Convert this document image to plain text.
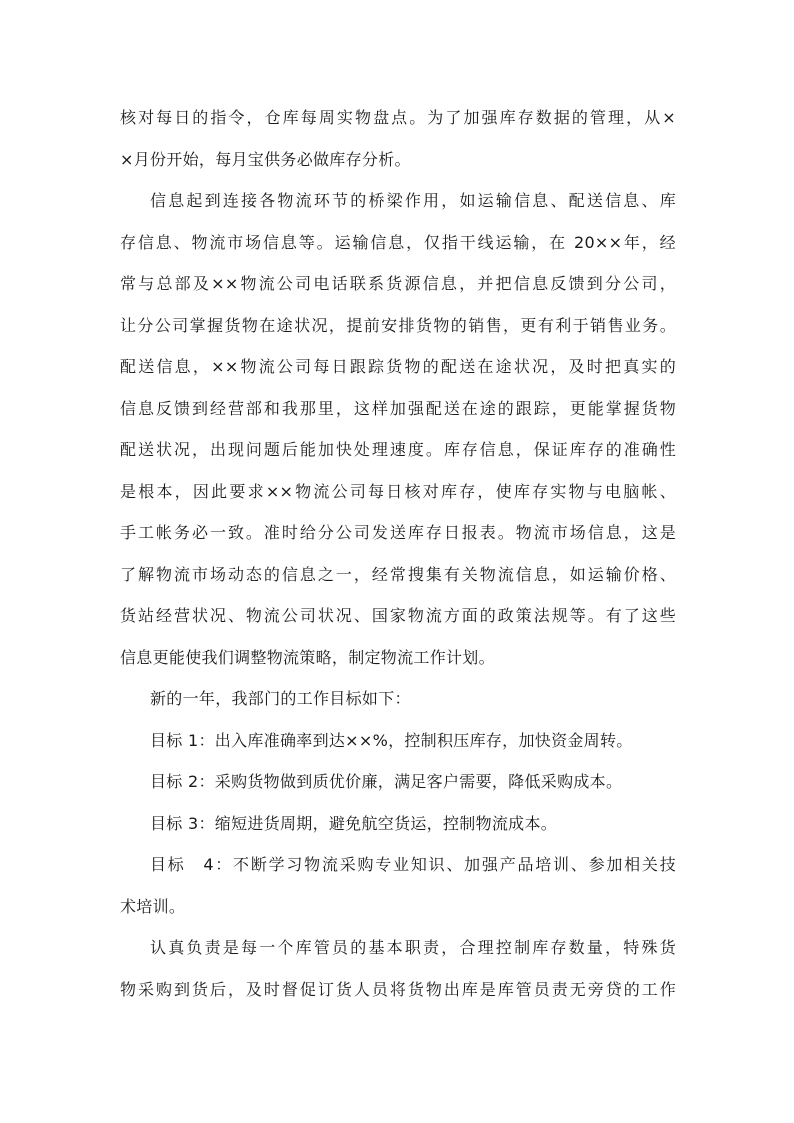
核对每日的指令，仓库每周实物盘点。为了加强库存数据的管理，从×
×月份开始，每月宝供务必做库存分析。
信息起到连接各物流环节的桥梁作用，如运输信息、配送信息、库
存信息、物流市场信息等。运输信息，仅指干线运输，在 20××年，经
常与总部及××物流公司电话联系货源信息，并把信息反馈到分公司，
让分公司掌握货物在途状况，提前安排货物的销售，更有利于销售业务。
配送信息，××物流公司每日跟踪货物的配送在途状况，及时把真实的
信息反馈到经营部和我那里，这样加强配送在途的跟踪，更能掌握货物
配送状况，出现问题后能加快处理速度。库存信息，保证库存的准确性
是根本，因此要求××物流公司每日核对库存，使库存实物与电脑帐、
手工帐务必一致。准时给分公司发送库存日报表。物流市场信息，这是
了解物流市场动态的信息之一，经常搜集有关物流信息，如运输价格、
货站经营状况、物流公司状况、国家物流方面的政策法规等。有了这些
信息更能使我们调整物流策略，制定物流工作计划。
新的一年，我部门的工作目标如下：
目标 1：出入库准确率到达××%，控制积压库存，加快资金周转。
目标 2：采购货物做到质优价廉，满足客户需要，降低采购成本。
目标 3：缩短进货周期，避免航空货运，控制物流成本。
目标　4：不断学习物流采购专业知识、加强产品培训、参加相关技
术培训。
认真负责是每一个库管员的基本职责，合理控制库存数量，特殊货
物采购到货后，及时督促订货人员将货物出库是库管员责无旁贷的工作
